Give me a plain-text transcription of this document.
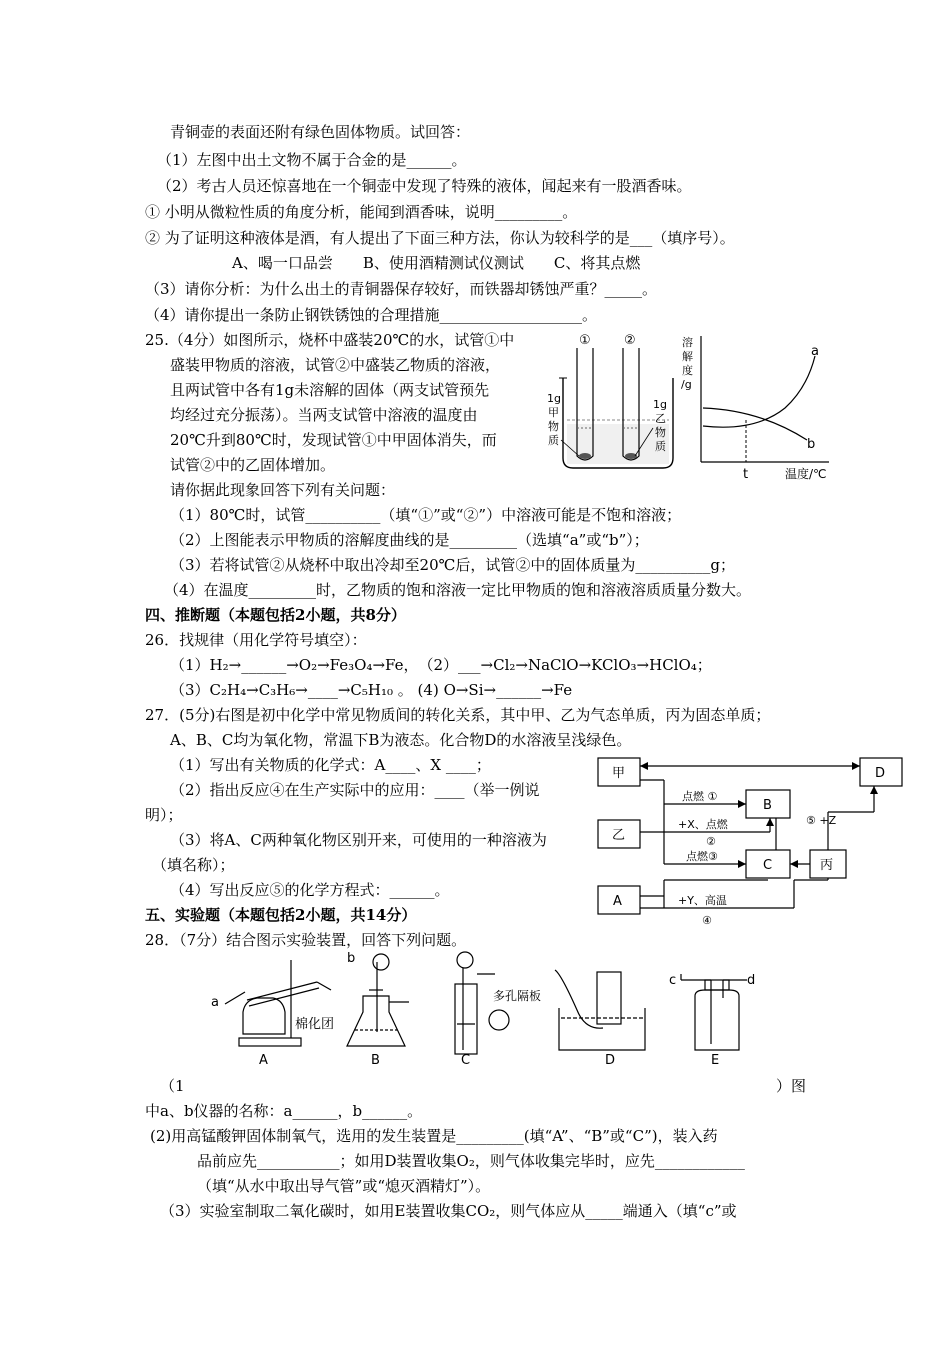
青铜壶的表面还附有绿色固体物质。试回答：
（1）左图中出土文物不属于合金的是______。
（2）考古人员还惊喜地在一个铜壶中发现了特殊的液体，闻起来有一股酒香味。
① 小明从微粒性质的角度分析，能闻到酒香味，说明_________。
② 为了证明这种液体是酒，有人提出了下面三种方法，你认为较科学的是___（填序号）。
A、喝一口品尝　　B、使用酒精测试仪测试　　C、将其点燃
（3）请你分析：为什么出土的青铜器保存较好，而铁器却锈蚀严重？_____。
（4）请你提出一条防止钢铁锈蚀的合理措施___________________。
25.（4分）如图所示，烧杯中盛装20℃的水，试管①中
盛装甲物质的溶液，试管②中盛装乙物质的溶液，
且两试管中各有1g未溶解的固体（两支试管预先
均经过充分振荡）。当两支试管中溶液的温度由
20℃升到80℃时，发现试管①中甲固体消失，而
试管②中的乙固体增加。
请你据此现象回答下列有关问题：
①	②
1g
甲
物
质
1g
乙
物
质
溶
解
度
/g
a
b
t	温度/℃
（1）80℃时，试管__________（填“①”或“②”）中溶液可能是不饱和溶液；
（2）上图能表示甲物质的溶解度曲线的是_________（选填“a”或“b”）；
（3）若将试管②从烧杯中取出冷却至20℃后，试管②中的固体质量为__________g；
（4）在温度_________时，乙物质的饱和溶液一定比甲物质的饱和溶液溶质质量分数大。
四、推断题（本题包括2小题，共8分）
26．找规律（用化学符号填空）：
（1）H₂→______→O₂→Fe₃O₄→Fe，　（2）___→Cl₂→NaClO→KClO₃→HClO₄；
（3）C₂H₄→C₃H₆→____→C₅H₁₀ 。 (4) O→Si→______→Fe
27．(5分)右图是初中化学中常见物质间的转化关系，其中甲、乙为气态单质，丙为固态单质；
A、B、C均为氧化物，常温下B为液态。化合物D的水溶液呈浅绿色。
（1）写出有关物质的化学式：A____、X ____；
（2）指出反应④在生产实际中的应用：____（举一例说
明）；
（3）将A、C两种氧化物区别开来，可使用的一种溶液为
（填名称）；
（4）写出反应⑤的化学方程式：______。
甲
乙
A
B
C
D
丙
点燃 ①
+X、点燃
②
点燃③
+Y、高温
④
⑤ +Z
五、实验题（本题包括2小题，共14分）
28．（7分）结合图示实验装置，回答下列问题。
a
棉化团
b
多孔隔板
c	d
A	B	C	D	E
（1	）图
中a、b仪器的名称：a______，b______。
(2)用高锰酸钾固体制氧气，选用的发生装置是_________(填“A”、“B”或“C”)，装入药
品前应先___________；如用D装置收集O₂，则气体收集完毕时，应先____________
（填“从水中取出导气管”或“熄灭酒精灯”）。
（3）实验室制取二氧化碳时，如用E装置收集CO₂，则气体应从_____端通入（填“c”或
